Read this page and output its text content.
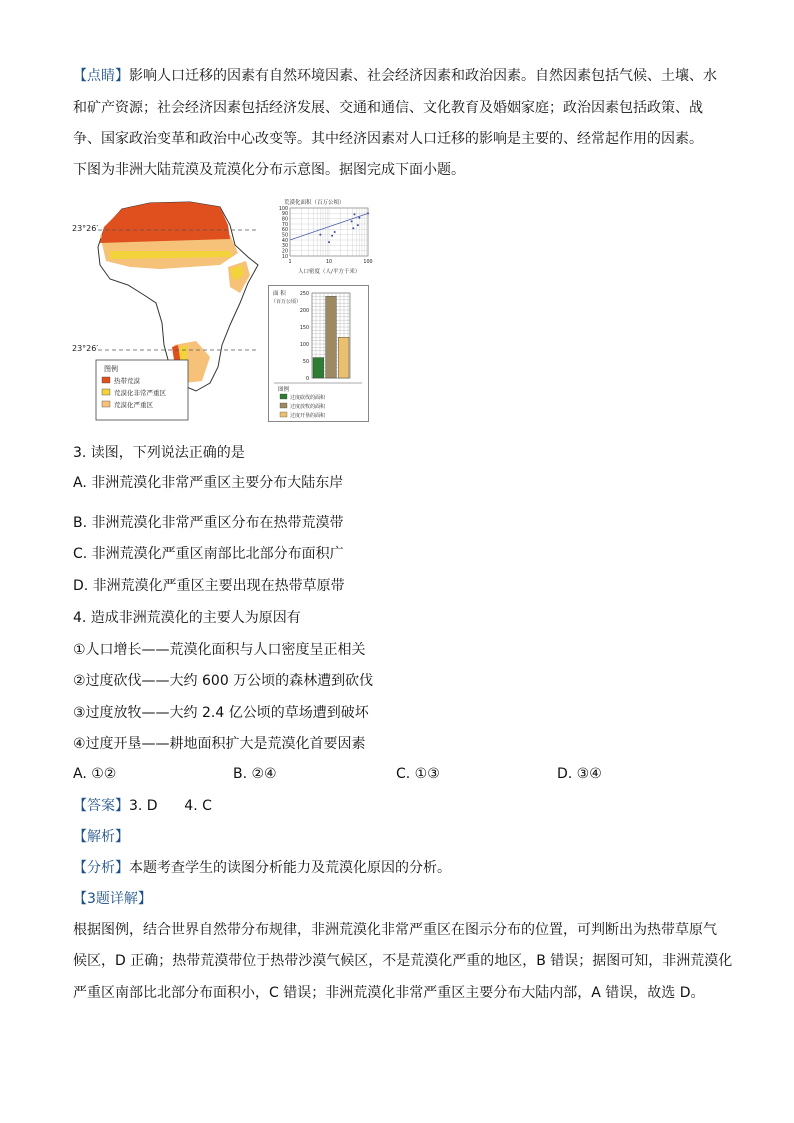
【点睛】影响人口迁移的因素有自然环境因素、社会经济因素和政治因素。自然因素包括气候、土壤、水
和矿产资源；社会经济因素包括经济发展、交通和通信、文化教育及婚姻家庭；政治因素包括政策、战
争、国家政治变革和政治中心改变等。其中经济因素对人口迁移的影响是主要的、经常起作用的因素。
下图为非洲大陆荒漠及荒漠化分布示意图。据图完成下面小题。
23°26′
23°26′
图例
热带荒漠
荒漠化非常严重区
荒漠化严重区
荒漠化面积（百万公顷）
100
90
80
70
60
50
40
30
20
10
1	10	100
人口密度（人/平方千米）
面 积
（百万公顷）
250
200
150
100
50
0
图例
过度砍伐的面积
过度放牧的面积
过度开垦的面积
3. 读图，下列说法正确的是
A. 非洲荒漠化非常严重区主要分布大陆东岸
B. 非洲荒漠化非常严重区分布在热带荒漠带
C. 非洲荒漠化严重区南部比北部分布面积广
D. 非洲荒漠化严重区主要出现在热带草原带
4. 造成非洲荒漠化的主要人为原因有
①人口增长——荒漠化面积与人口密度呈正相关
②过度砍伐——大约 600 万公顷的森林遭到砍伐
③过度放牧——大约 2.4 亿公顷的草场遭到破坏
④过度开垦——耕地面积扩大是荒漠化首要因素
A. ①②	B. ②④	C. ①③	D. ③④
【答案】3. D      4. C
【解析】
【分析】本题考查学生的读图分析能力及荒漠化原因的分析。
【3题详解】
根据图例，结合世界自然带分布规律，非洲荒漠化非常严重区在图示分布的位置，可判断出为热带草原气
候区，D 正确；热带荒漠带位于热带沙漠气候区，不是荒漠化严重的地区，B 错误；据图可知，非洲荒漠化
严重区南部比北部分布面积小，C 错误；非洲荒漠化非常严重区主要分布大陆内部，A 错误，故选 D。
